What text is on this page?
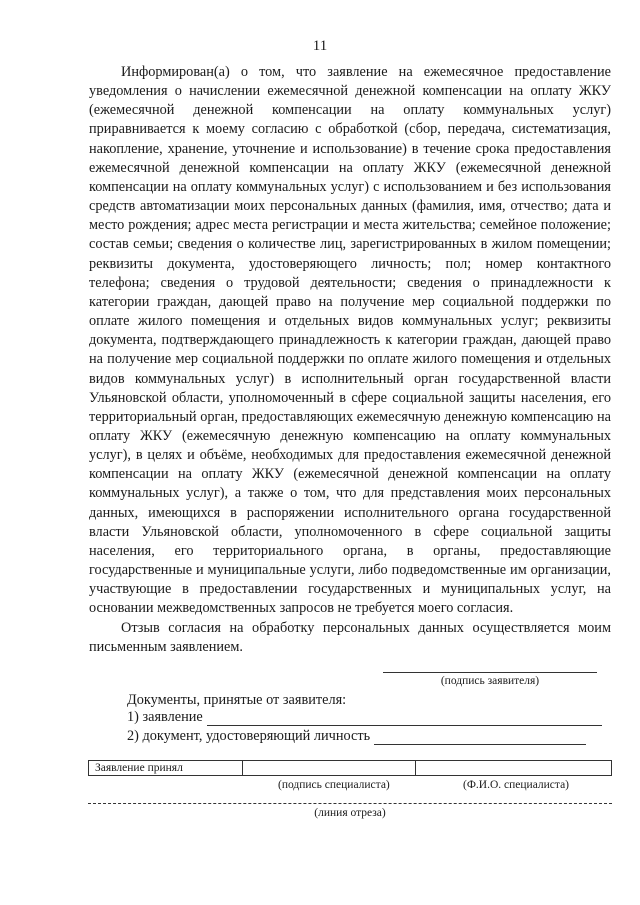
11

Информирован(а) о том, что заявление на ежемесячное предоставление уведомления о начислении ежемесячной денежной компенсации на оплату ЖКУ (ежемесячной денежной компенсации на оплату коммунальных услуг) приравнивается к моему согласию с обработкой (сбор, передача, систематизация, накопление, хранение, уточнение и использование) в течение срока предоставления ежемесячной денежной компенсации на оплату ЖКУ (ежемесячной денежной компенсации на оплату коммунальных услуг) с использованием и без использования средств автоматизации моих персональных данных (фамилия, имя, отчество; дата и место рождения; адрес места регистрации и места жительства; семейное положение; состав семьи; сведения о количестве лиц, зарегистрированных в жилом помещении; реквизиты документа, удостоверяющего личность; пол; номер контактного телефона; сведения о трудовой деятельности; сведения о принадлежности к категории граждан, дающей право на получение мер социальной поддержки по оплате жилого помещения и отдельных видов коммунальных услуг; реквизиты документа, подтверждающего принадлежность к категории граждан, дающей право на получение мер социальной поддержки по оплате жилого помещения и отдельных видов коммунальных услуг) в исполнительный орган государственной власти Ульяновской области, уполномоченный в сфере социальной защиты населения, его территориальный орган, предоставляющих ежемесячную денежную компенсацию на оплату ЖКУ (ежемесячную денежную компенсацию на оплату коммунальных услуг), в целях и объёме, необходимых для предоставления ежемесячной денежной компенсации на оплату ЖКУ (ежемесячной денежной компенсации на оплату коммунальных услуг), а также о том, что для представления моих персональных данных, имеющихся в распоряжении исполнительного органа государственной власти Ульяновской области, уполномоченного в сфере социальной защиты населения, его территориального органа, в органы, предоставляющие государственные и муниципальные услуги, либо подведомственные им организации, участвующие в предоставлении государственных и муниципальных услуг, на основании межведомственных запросов не требуется моего согласия.

Отзыв согласия на обработку персональных данных осуществляется моим письменным заявлением.

(подпись заявителя)
Документы, принятые от заявителя:
1) заявление
2) документ, удостоверяющий личность
Заявление принял
(подпись специалиста)	(Ф.И.О. специалиста)
(линия отреза)
